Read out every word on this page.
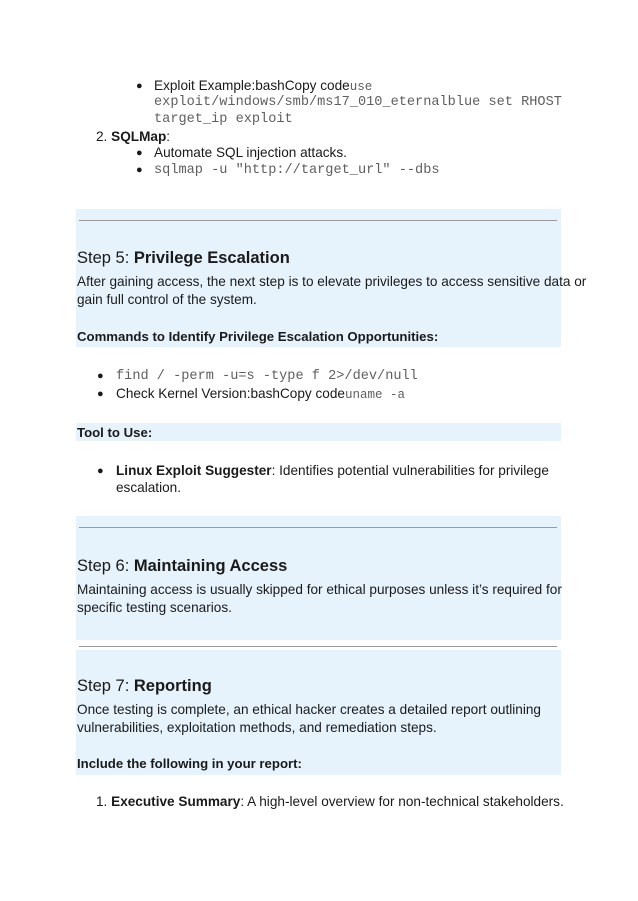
● Exploit Example:bashCopy codeuse
exploit/windows/smb/ms17_010_eternalblue set RHOST
target_ip exploit
2. SQLMap:
● Automate SQL injection attacks.
● sqlmap -u "http://target_url" --dbs
Step 5: Privilege Escalation
After gaining access, the next step is to elevate privileges to access sensitive data or
gain full control of the system.
Commands to Identify Privilege Escalation Opportunities:
● find / -perm -u=s -type f 2>/dev/null
● Check Kernel Version:bashCopy codeuname -a
Tool to Use:
● Linux Exploit Suggester: Identifies potential vulnerabilities for privilege
escalation.
Step 6: Maintaining Access
Maintaining access is usually skipped for ethical purposes unless it’s required for
specific testing scenarios.
Step 7: Reporting
Once testing is complete, an ethical hacker creates a detailed report outlining
vulnerabilities, exploitation methods, and remediation steps.
Include the following in your report:
1. Executive Summary: A high-level overview for non-technical stakeholders.
